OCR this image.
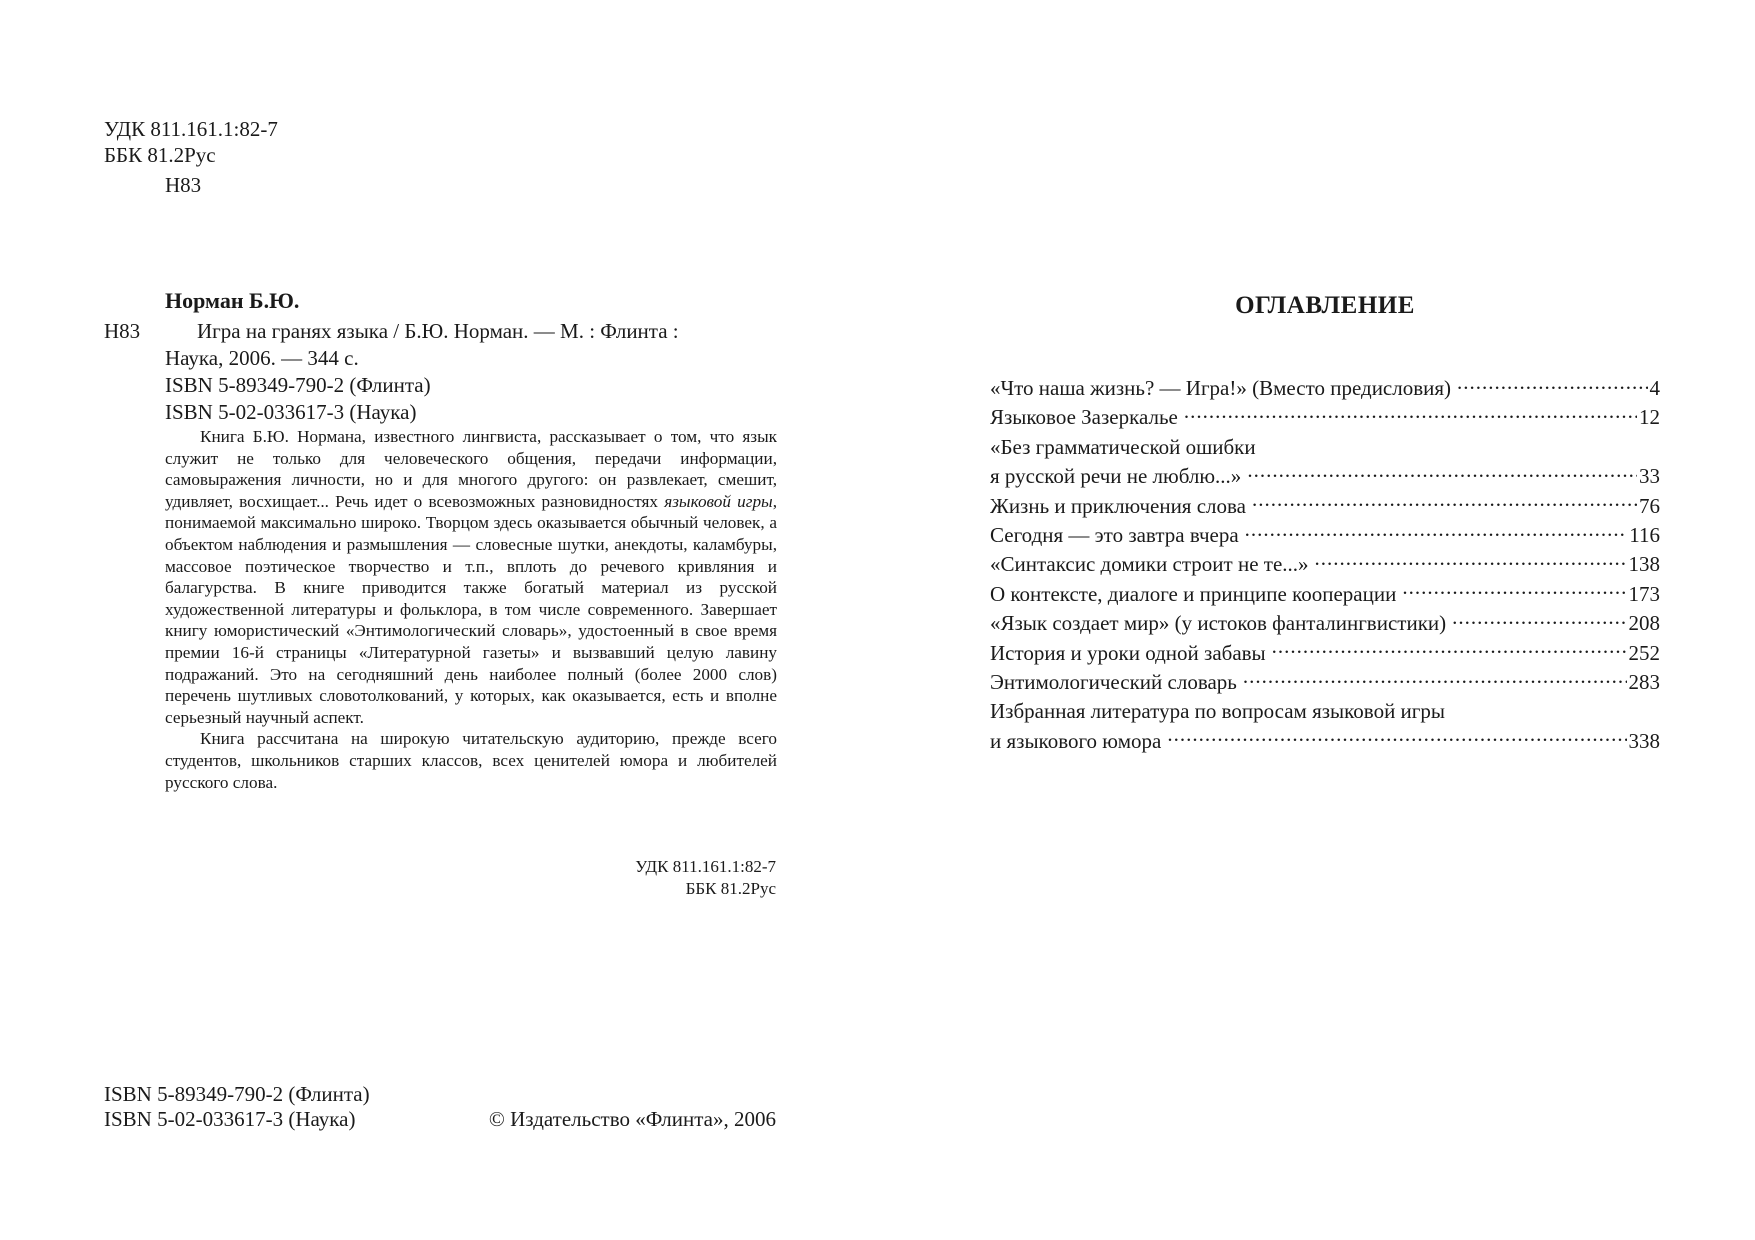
УДК 811.161.1:82-7
ББК 81.2Рус
Н83
Норман Б.Ю.
Н83	Игра на гранях языка / Б.Ю. Норман. — М. : Флинта :
Наука, 2006. — 344 с.
ISBN 5-89349-790-2 (Флинта)
ISBN 5-02-033617-3 (Наука)

Книга Б.Ю. Нормана, известного лингвиста, рассказывает о том, что язык служит не только для человеческого общения, передачи информации, самовыражения личности, но и для многого другого: он развлекает, смешит, удивляет, восхищает... Речь идет о всевозможных разновидностях языковой игры, понимаемой максимально широко. Творцом здесь оказывается обычный человек, а объектом наблюдения и размышления — словесные шутки, анекдоты, каламбуры, массовое поэтическое творчество и т.п., вплоть до речевого кривляния и балагурства. В книге приводится также богатый материал из русской художественной литературы и фольклора, в том числе современного. Завершает книгу юмористический «Энтимологический словарь», удостоенный в свое время премии 16-й страницы «Литературной газеты» и вызвавший целую лавину подражаний. Это на сегодняшний день наиболее полный (более 2000 слов) перечень шутливых словотолкований, у которых, как оказывается, есть и вполне серьезный научный аспект.

Книга рассчитана на широкую читательскую аудиторию, прежде всего студентов, школьников старших классов, всех ценителей юмора и любителей русского слова.

УДК 811.161.1:82-7
ББК 81.2Рус
ISBN 5-89349-790-2 (Флинта)
ISBN 5-02-033617-3 (Наука)	© Издательство «Флинта», 2006
ОГЛАВЛЕНИЕ
«Что наша жизнь? — Игра!» (Вместо предисловия) .....	4
Языковое Зазеркалье .....	12
«Без грамматической ошибки
я русской речи не люблю...» .....	33
Жизнь и приключения слова .....	76
Сегодня — это завтра вчера .....	116
«Синтаксис домики строит не те...» .....	138
О контексте, диалоге и принципе кооперации .....	173
«Язык создает мир» (у истоков фанталингвистики) .....	208
История и уроки одной забавы .....	252
Энтимологический словарь .....	283
Избранная литература по вопросам языковой игры
и языкового юмора .....	338
